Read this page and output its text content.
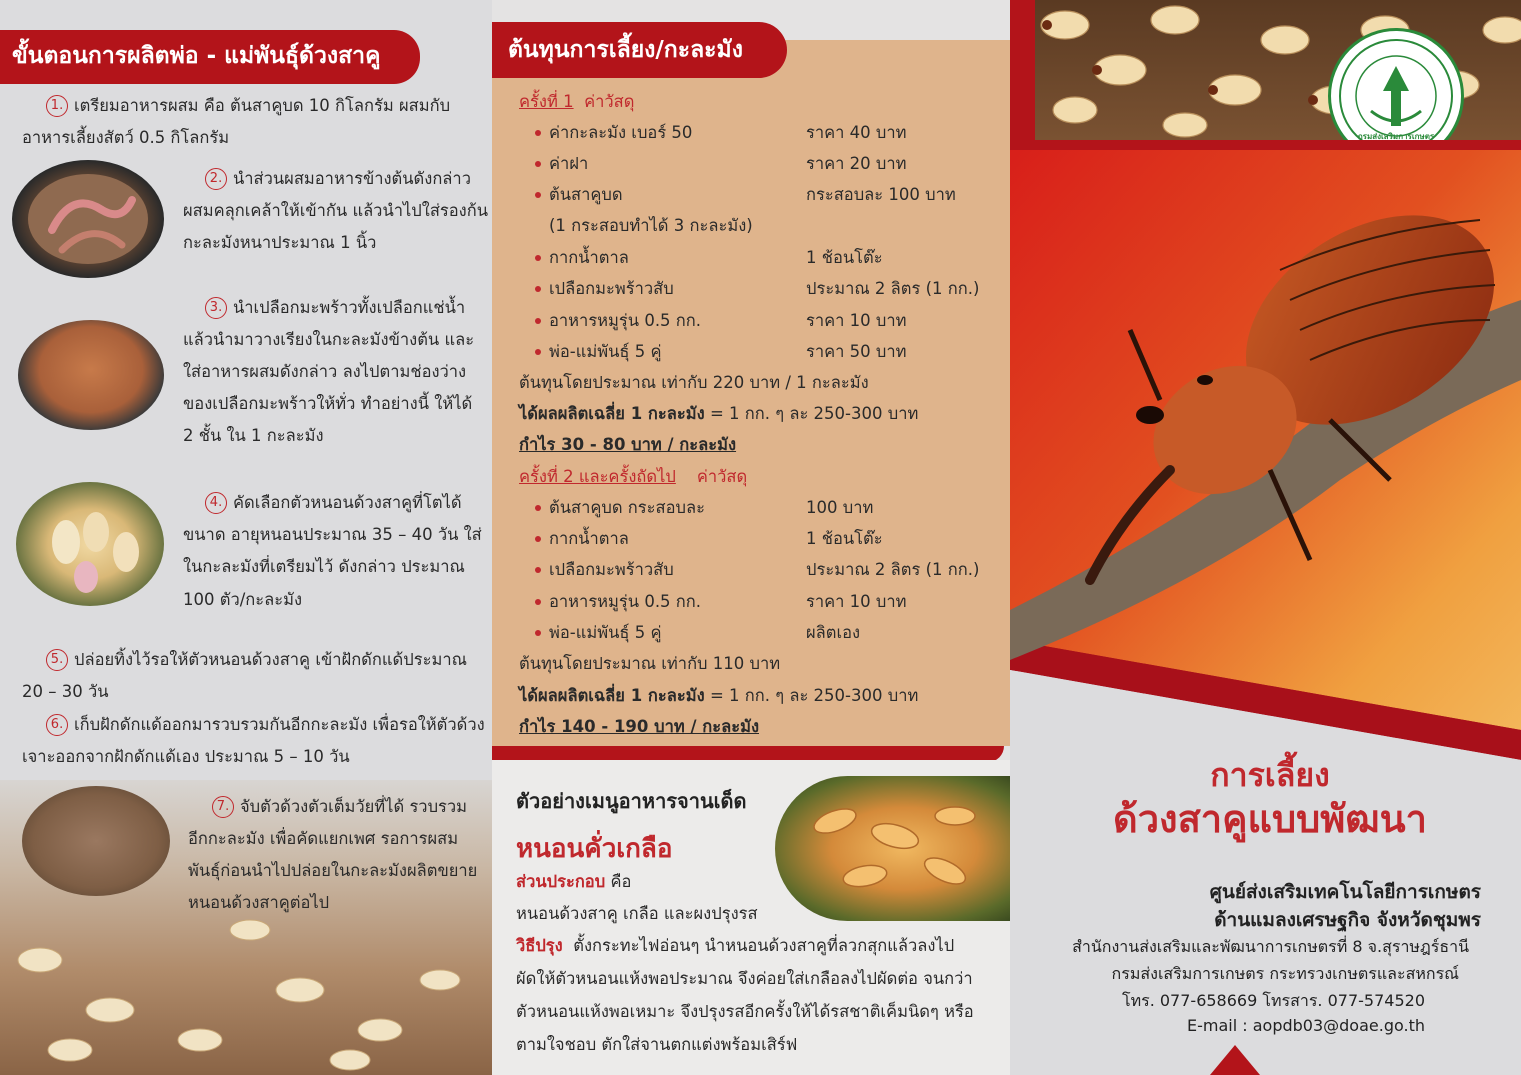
ขั้นตอนการผลิตพ่อ - แม่พันธุ์ด้วงสาคู
1. เตรียมอาหารผสม คือ ต้นสาคูบด 10 กิโลกรัม ผสมกับ
อาหารเลี้ยงสัตว์ 0.5 กิโลกรัม
2. นำส่วนผสมอาหารข้างต้นดังกล่าว
ผสมคลุกเคล้าให้เข้ากัน แล้วนำไปใส่รองก้น
กะละมังหนาประมาณ 1 นิ้ว
3. นำเปลือกมะพร้าวทั้งเปลือกแช่น้ำ
แล้วนำมาวางเรียงในกะละมังข้างต้น และ
ใส่อาหารผสมดังกล่าว ลงไปตามช่องว่าง
ของเปลือกมะพร้าวให้ทั่ว ทำอย่างนี้ ให้ได้
2 ชั้น ใน 1 กะละมัง
4. คัดเลือกตัวหนอนด้วงสาคูที่โตได้
ขนาด อายุหนอนประมาณ 35 – 40 วัน ใส่
ในกะละมังที่เตรียมไว้ ดังกล่าว ประมาณ
100 ตัว/กะละมัง
5. ปล่อยทิ้งไว้รอให้ตัวหนอนด้วงสาคู เข้าฝักดักแด้ประมาณ
20 – 30 วัน
6. เก็บฝักดักแด้ออกมารวบรวมกันอีกกะละมัง เพื่อรอให้ตัวด้วง
เจาะออกจากฝักดักแด้เอง ประมาณ 5 – 10 วัน
7. จับตัวด้วงตัวเต็มวัยที่ได้ รวบรวม
อีกกะละมัง เพื่อคัดแยกเพศ รอการผสม
พันธุ์ก่อนนำไปปล่อยในกะละมังผลิตขยาย
หนอนด้วงสาคูต่อไป
ต้นทุนการเลี้ยง/กะละมัง
ครั้งที่ 1 ค่าวัสดุ
ค่ากะละมัง เบอร์ 50	ราคา 40 บาท
ค่าฝา	ราคา 20 บาท
ต้นสาคูบด	กระสอบละ 100 บาท
(1 กระสอบทำได้ 3 กะละมัง)
กากน้ำตาล	1 ช้อนโต๊ะ
เปลือกมะพร้าวสับ	ประมาณ 2 ลิตร (1 กก.)
อาหารหมูรุ่น 0.5 กก.	ราคา 10 บาท
พ่อ-แม่พันธุ์ 5 คู่	ราคา 50 บาท
ต้นทุนโดยประมาณ เท่ากับ 220 บาท / 1 กะละมัง
ได้ผลผลิตเฉลี่ย 1 กะละมัง = 1 กก. ๆ ละ 250-300 บาท
กำไร 30 - 80 บาท / กะละมัง
ครั้งที่ 2 และครั้งถัดไป ค่าวัสดุ
ต้นสาคูบด กระสอบละ	100 บาท
กากน้ำตาล	1 ช้อนโต๊ะ
เปลือกมะพร้าวสับ	ประมาณ 2 ลิตร (1 กก.)
อาหารหมูรุ่น 0.5 กก.	ราคา 10 บาท
พ่อ-แม่พันธุ์ 5 คู่	ผลิตเอง
ต้นทุนโดยประมาณ เท่ากับ 110 บาท
ได้ผลผลิตเฉลี่ย 1 กะละมัง = 1 กก. ๆ ละ 250-300 บาท
กำไร 140 - 190 บาท / กะละมัง
ตัวอย่างเมนูอาหารจานเด็ด
หนอนคั่วเกลือ
ส่วนประกอบ คือ
หนอนด้วงสาคู เกลือ และผงปรุงรส
วิธีปรุง ตั้งกระทะไฟอ่อนๆ นำหนอนด้วงสาคูที่ลวกสุกแล้วลงไป
ผัดให้ตัวหนอนแห้งพอประมาณ จึงค่อยใส่เกลือลงไปผัดต่อ จนกว่า
ตัวหนอนแห้งพอเหมาะ จึงปรุงรสอีกครั้งให้ได้รสชาติเค็มนิดๆ หรือ
ตามใจชอบ ตักใส่จานตกแต่งพร้อมเสิร์ฟ
กรมส่งเสริมการเกษตร
การเลี้ยง
ด้วงสาคูแบบพัฒนา
ศูนย์ส่งเสริมเทคโนโลยีการเกษตร
ด้านแมลงเศรษฐกิจ จังหวัดชุมพร
สำนักงานส่งเสริมและพัฒนาการเกษตรที่ 8 จ.สุราษฎร์ธานี
กรมส่งเสริมการเกษตร กระทรวงเกษตรและสหกรณ์
โทร. 077-658669 โทรสาร. 077-574520
E-mail : aopdb03@doae.go.th
